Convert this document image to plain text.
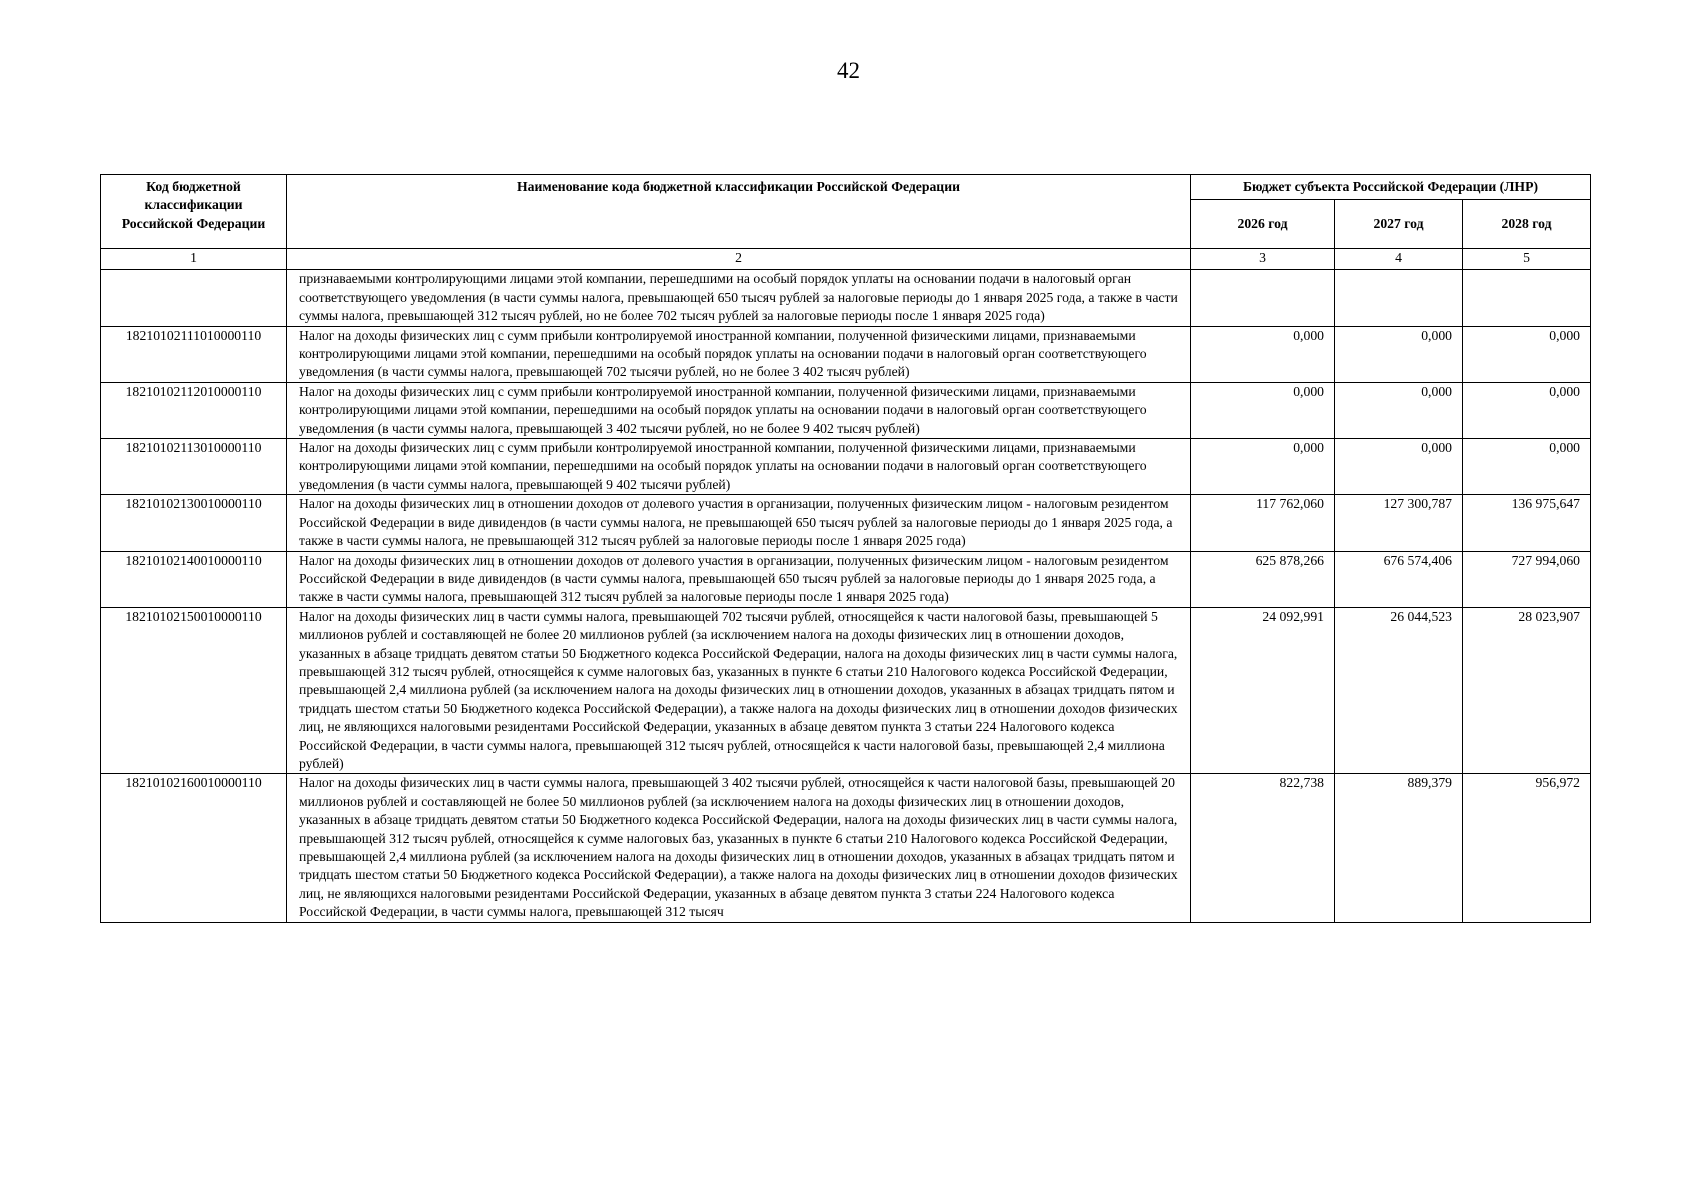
42
Код бюджетной классификации Российской Федерации	Наименование кода бюджетной классификации Российской Федерации	Бюджет субъекта Российской Федерации (ЛНР)		
		2026 год	2027 год	2028 год
1	2	3	4	5
	признаваемыми контролирующими лицами этой компании, перешедшими на особый порядок уплаты на основании подачи в налоговый орган соответствующего уведомления (в части суммы налога, превышающей 650 тысяч рублей за налоговые периоды до 1 января 2025 года, а также в части суммы налога, превышающей 312 тысяч рублей, но не более 702 тысяч рублей за налоговые периоды после 1 января 2025 года)			
18210102111010000110	Налог на доходы физических лиц с сумм прибыли контролируемой иностранной компании, полученной физическими лицами, признаваемыми контролирующими лицами этой компании, перешедшими на особый порядок уплаты на основании подачи в налоговый орган соответствующего уведомления (в части суммы налога, превышающей 702 тысячи рублей, но не более 3 402 тысяч рублей)	0,000	0,000	0,000
18210102112010000110	Налог на доходы физических лиц с сумм прибыли контролируемой иностранной компании, полученной физическими лицами, признаваемыми контролирующими лицами этой компании, перешедшими на особый порядок уплаты на основании подачи в налоговый орган соответствующего уведомления (в части суммы налога, превышающей 3 402 тысячи рублей, но не более 9 402 тысяч рублей)	0,000	0,000	0,000
18210102113010000110	Налог на доходы физических лиц с сумм прибыли контролируемой иностранной компании, полученной физическими лицами, признаваемыми контролирующими лицами этой компании, перешедшими на особый порядок уплаты на основании подачи в налоговый орган соответствующего уведомления (в части суммы налога, превышающей 9 402 тысячи рублей)	0,000	0,000	0,000
18210102130010000110	Налог на доходы физических лиц в отношении доходов от долевого участия в организации, полученных физическим лицом - налоговым резидентом Российской Федерации в виде дивидендов (в части суммы налога, не превышающей 650 тысяч рублей за налоговые периоды до 1 января 2025 года, а также в части суммы налога, не превышающей 312 тысяч рублей за налоговые периоды после 1 января 2025 года)	117 762,060	127 300,787	136 975,647
18210102140010000110	Налог на доходы физических лиц в отношении доходов от долевого участия в организации, полученных физическим лицом - налоговым резидентом Российской Федерации в виде дивидендов (в части суммы налога, превышающей 650 тысяч рублей за налоговые периоды до 1 января 2025 года, а также в части суммы налога, превышающей 312 тысяч рублей за налоговые периоды после 1 января 2025 года)	625 878,266	676 574,406	727 994,060
18210102150010000110	Налог на доходы физических лиц в части суммы налога, превышающей 702 тысячи рублей, относящейся к части налоговой базы, превышающей 5 миллионов рублей и составляющей не более 20 миллионов рублей (за исключением налога на доходы физических лиц в отношении доходов, указанных в абзаце тридцать девятом статьи 50 Бюджетного кодекса Российской Федерации, налога на доходы физических лиц в части суммы налога, превышающей 312 тысяч рублей, относящейся к сумме налоговых баз, указанных в пункте 6 статьи 210 Налогового кодекса Российской Федерации, превышающей 2,4 миллиона рублей (за исключением налога на доходы физических лиц в отношении доходов, указанных в абзацах тридцать пятом и тридцать шестом статьи 50 Бюджетного кодекса Российской Федерации), а также налога на доходы физических лиц в отношении доходов физических лиц, не являющихся налоговыми резидентами Российской Федерации, указанных в абзаце девятом пункта 3 статьи 224 Налогового кодекса Российской Федерации, в части суммы налога, превышающей 312 тысяч рублей, относящейся к части налоговой базы, превышающей 2,4 миллиона рублей)	24 092,991	26 044,523	28 023,907
18210102160010000110	Налог на доходы физических лиц в части суммы налога, превышающей 3 402 тысячи рублей, относящейся к части налоговой базы, превышающей 20 миллионов рублей и составляющей не более 50 миллионов рублей (за исключением налога на доходы физических лиц в отношении доходов, указанных в абзаце тридцать девятом статьи 50 Бюджетного кодекса Российской Федерации, налога на доходы физических лиц в части суммы налога, превышающей 312 тысяч рублей, относящейся к сумме налоговых баз, указанных в пункте 6 статьи 210 Налогового кодекса Российской Федерации, превышающей 2,4 миллиона рублей (за исключением налога на доходы физических лиц в отношении доходов, указанных в абзацах тридцать пятом и тридцать шестом статьи 50 Бюджетного кодекса Российской Федерации), а также налога на доходы физических лиц в отношении доходов физических лиц, не являющихся налоговыми резидентами Российской Федерации, указанных в абзаце девятом пункта 3 статьи 224 Налогового кодекса Российской Федерации, в части суммы налога, превышающей 312 тысяч	822,738	889,379	956,972
